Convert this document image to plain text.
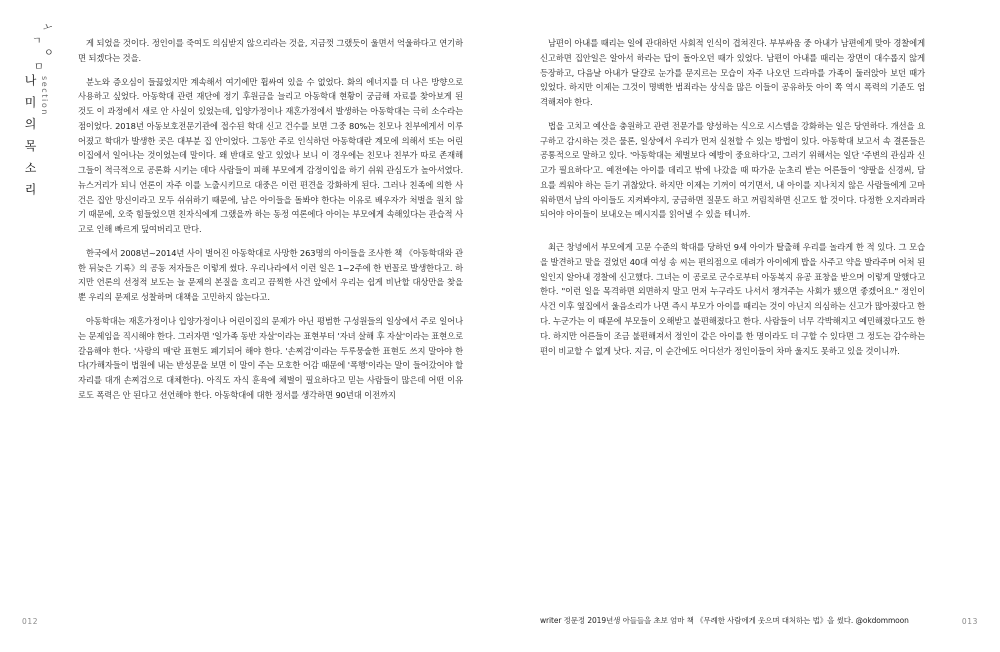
ㅗ
ㄱ
ㅇ
ㅁ
나 미 의 목 소 리 section

게 되었을 것이다. 정인이를 죽여도 의심받지 않으리라는 것을, 지금껏 그랬듯이 울면서 억울하다고 연기하면 되겠다는 것을.

분노와 증오심이 들끓었지만 계속해서 여기에만 휩싸여 있을 수 없었다. 화의 에너지를 더 나은 방향으로 사용하고 싶었다. 아동학대 관련 재단에 정기 후원금을 늘리고 아동학대 현황이 궁금해 자료를 찾아보게 된 것도 이 과정에서 새로 안 사실이 있었는데, 입양가정이나 재혼가정에서 발생하는 아동학대는 극히 소수라는 점이었다. 2018년 아동보호전문기관에 접수된 학대 신고 건수를 보면 그중 80%는 친모나 친부에게서 이루어졌고 학대가 발생한 곳은 대부분 집 안이었다. 그동안 주로 인식하던 아동학대란 계모에 의해서 또는 어린이집에서 일어나는 것이었는데 말이다. 왜 반대로 알고 있었나 보니 이 경우에는 친모나 친부가 따로 존재해 그들이 적극적으로 공론화 시키는 데다 사람들이 피해 부모에게 감정이입을 하기 쉬워 관심도가 높아서였다. 뉴스거리가 되니 언론이 자주 이를 노출시키므로 대중은 이런 편견을 강화하게 된다. 그러나 친족에 의한 사건은 집안 망신이라고 모두 쉬쉬하기 때문에, 남은 아이들을 돌봐야 한다는 이유로 배우자가 처벌을 원치 않기 때문에, 오죽 힘들었으면 친자식에게 그랬을까 하는 동정 여론에다 아이는 부모에게 속해있다는 관습적 사고로 인해 빠르게 덮여버리고 만다.

한국에서 2008년~2014년 사이 벌어진 아동학대로 사망한 263명의 아이들을 조사한 책 《아동학대와 관한 뒤늦은 기록》의 공동 저자들은 이렇게 썼다. 우리나라에서 이런 일은 1~2주에 한 번꼴로 발생한다고. 하지만 언론의 선정적 보도는 늘 문제의 본질을 흐리고 끔찍한 사건 앞에서 우리는 쉽게 비난할 대상만을 찾을 뿐 우리의 문제로 성찰하며 대책을 고민하지 않는다고.

아동학대는 재혼가정이나 입양가정이나 어린이집의 문제가 아닌 평범한 구성원들의 일상에서 주로 일어나는 문제임을 직시해야 한다. 그러자면 '일가족 동반 자살'이라는 표현부터 '자녀 살해 후 자살'이라는 표현으로 갈음해야 한다. '사랑의 매'란 표현도 폐기되어 해야 한다. '손찌검'이라는 두루뭉술한 표현도 쓰지 말아야 한다(가해자들이 법원에 내는 반성문을 보면 이 말이 주는 모호한 어감 때문에 '폭행'이라는 말이 들어갔어야 할 자리를 대개 손찌검으로 대체한다). 아직도 자식 훈육에 체벌이 필요하다고 믿는 사람들이 많은데 어떤 이유로도 폭력은 안 된다고 선언해야 한다. 아동학대에 대한 정서를 생각하면 90년대 이전까지

남편이 아내를 때리는 일에 관대하던 사회적 인식이 겹쳐진다. 부부싸움 중 아내가 남편에게 맞아 경찰에게 신고하면 집안일은 알아서 하라는 답이 돌아오던 때가 있었다. 남편이 아내를 때리는 장면이 대수롭지 않게 등장하고, 다음날 아내가 달걀로 눈가를 문지르는 모습이 자주 나오던 드라마를 가족이 둘러앉아 보던 때가 있었다. 하지만 이제는 그것이 명백한 범죄라는 상식을 많은 이들이 공유하듯 아이 쪽 역시 폭력의 기준도 엄격해져야 한다.

법을 고치고 예산을 충원하고 관련 전문가를 양성하는 식으로 시스템을 강화하는 일은 당연하다. 개선을 요구하고 감시하는 것은 물론, 일상에서 우리가 먼저 실천할 수 있는 방법이 있다. 아동학대 보고서 속 결론들은 공통적으로 말하고 있다. '아동학대는 체벌보다 예방이 중요하다'고, 그러기 위해서는 일단 '주변의 관심과 신고가 필요하다'고. 예전에는 아이를 데리고 밖에 나갔을 때 따가운 눈초리 받는 어른들이 '양팔을 신경써, 담요를 씌워야 하는 듣기 귀찮았다. 하지만 이제는 기꺼이 여기면서, 내 아이를 지나치지 않은 사람들에게 고마워하면서 남의 아이들도 지켜봐야지, 궁금하면 질문도 하고 꺼림칙하면 신고도 할 것이다. 다정한 오지라퍼라 되어야 아이들이 보내오는 메시지를 읽어낼 수 있을 테니까.

최근 창녕에서 부모에게 고문 수준의 학대를 당하던 9세 아이가 탈출해 우리를 놀라게 한 적 있다. 그 모습을 발견하고 말을 걸었던 40대 여성 송 씨는 편의점으로 데려가 아이에게 밥을 사주고 약을 발라주며 어처 된 일인지 알아내 경찰에 신고했다. 그녀는 이 공로로 군수로부터 아동복지 유공 표창을 받으며 이렇게 말했다고 한다. "이런 일을 목격하면 외면하지 말고 먼저 누구라도 나서서 챙겨주는 사회가 됐으면 좋겠어요." 정인이 사건 이후 옆집에서 울음소리가 나면 즉시 부모가 아이를 때리는 것이 아닌지 의심하는 신고가 많아졌다고 한다. 누군가는 이 때문에 부모들이 오해받고 불편해졌다고 한다. 사람들이 너무 각박해지고 예민해졌다고도 한다. 하지만 어른들이 조금 불편해져서 정인이 같은 아이를 한 명이라도 더 구할 수 있다면 그 정도는 감수하는 편이 비교할 수 없게 낫다. 지금, 이 순간에도 어디선가 정인이들이 차마 울지도 못하고 있을 것이니까.

012	013
writer 정문정 2019년생 아들들을 초보 엄마 책 《무례한 사람에게 웃으며 대처하는 법》을 썼다. @okdommoon
